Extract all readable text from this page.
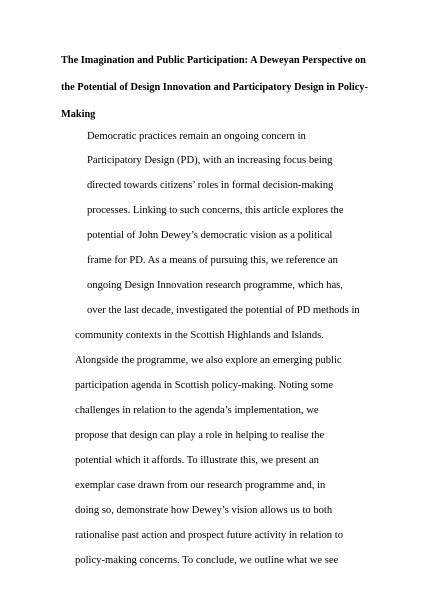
The Imagination and Public Participation: A Deweyan Perspective on
the Potential of Design Innovation and Participatory Design in Policy-
Making
Democratic practices remain an ongoing concern in
Participatory Design (PD), with an increasing focus being
directed towards citizens’ roles in formal decision-making
processes. Linking to such concerns, this article explores the
potential of John Dewey’s democratic vision as a political
frame for PD. As a means of pursuing this, we reference an
ongoing Design Innovation research programme, which has,
over the last decade, investigated the potential of PD methods in
community contexts in the Scottish Highlands and Islands.
Alongside the programme, we also explore an emerging public
participation agenda in Scottish policy-making. Noting some
challenges in relation to the agenda’s implementation, we
propose that design can play a role in helping to realise the
potential which it affords. To illustrate this, we present an
exemplar case drawn from our research programme and, in
doing so, demonstrate how Dewey’s vision allows us to both
rationalise past action and prospect future activity in relation to
policy-making concerns. To conclude, we outline what we see
